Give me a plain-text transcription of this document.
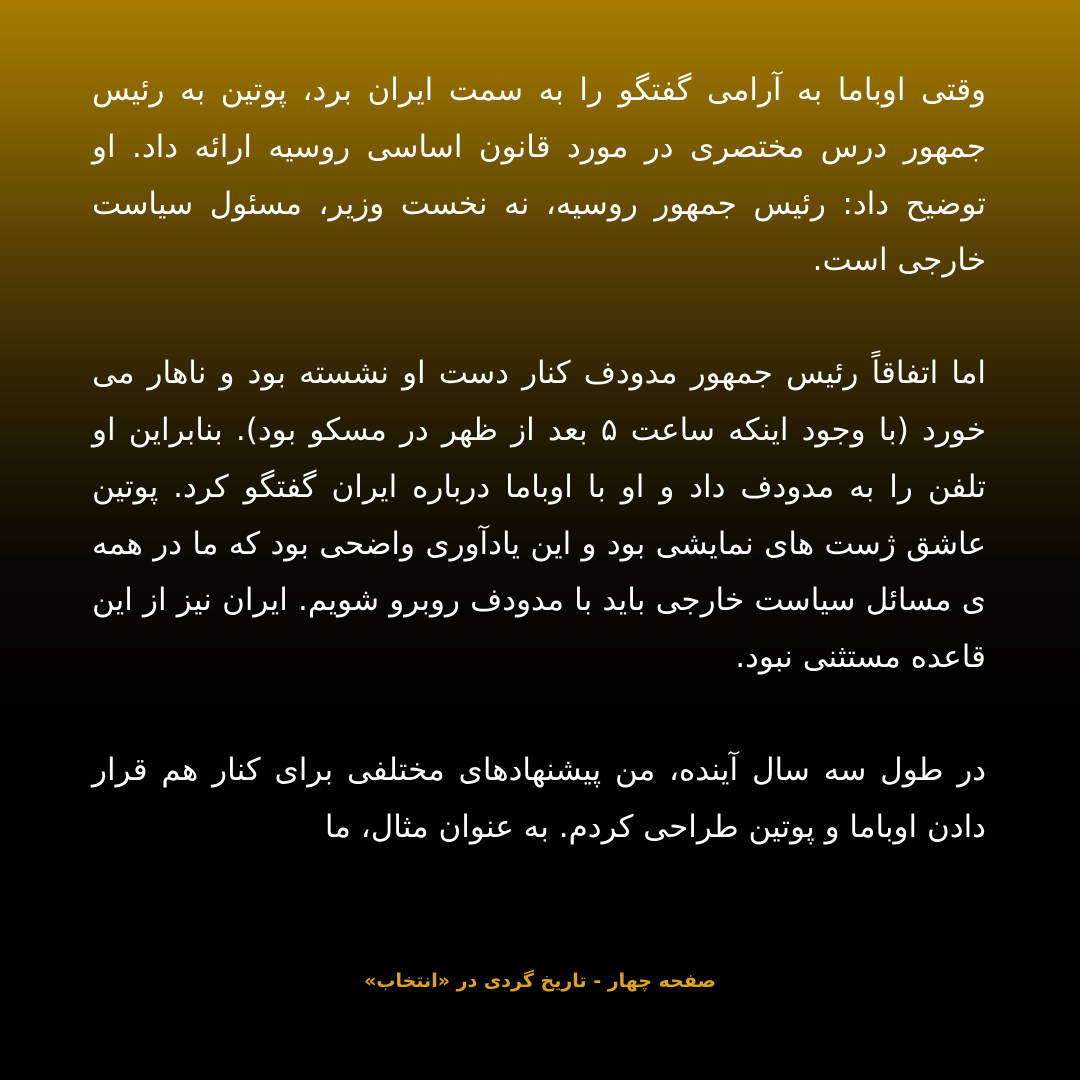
وقتی اوباما به آرامی گفتگو را به سمت ایران برد، پوتین به رئیس جمهور درس مختصری در مورد قانون اساسی روسیه ارائه داد. او توضیح داد: رئیس جمهور روسیه، نه نخست وزیر، مسئول سیاست خارجی است.

اما اتفاقاً رئیس جمهور مدودف کنار دست او نشسته بود و ناهار می خورد (با وجود اینکه ساعت ۵ بعد از ظهر در مسکو بود). بنابراین او تلفن را به مدودف داد و او با اوباما درباره ایران گفتگو کرد. پوتین عاشق ژست های نمایشی بود و این یادآوری واضحی بود که ما در همه ی مسائل سیاست خارجی باید با مدودف روبرو شویم. ایران نیز از این قاعده مستثنی نبود.

در طول سه سال آینده، من پیشنهادهای مختلفی برای کنار هم قرار دادن اوباما و پوتین طراحی کردم. به عنوان مثال، ما

صفحه چهار - تاریخ گردی در «انتخاب»
